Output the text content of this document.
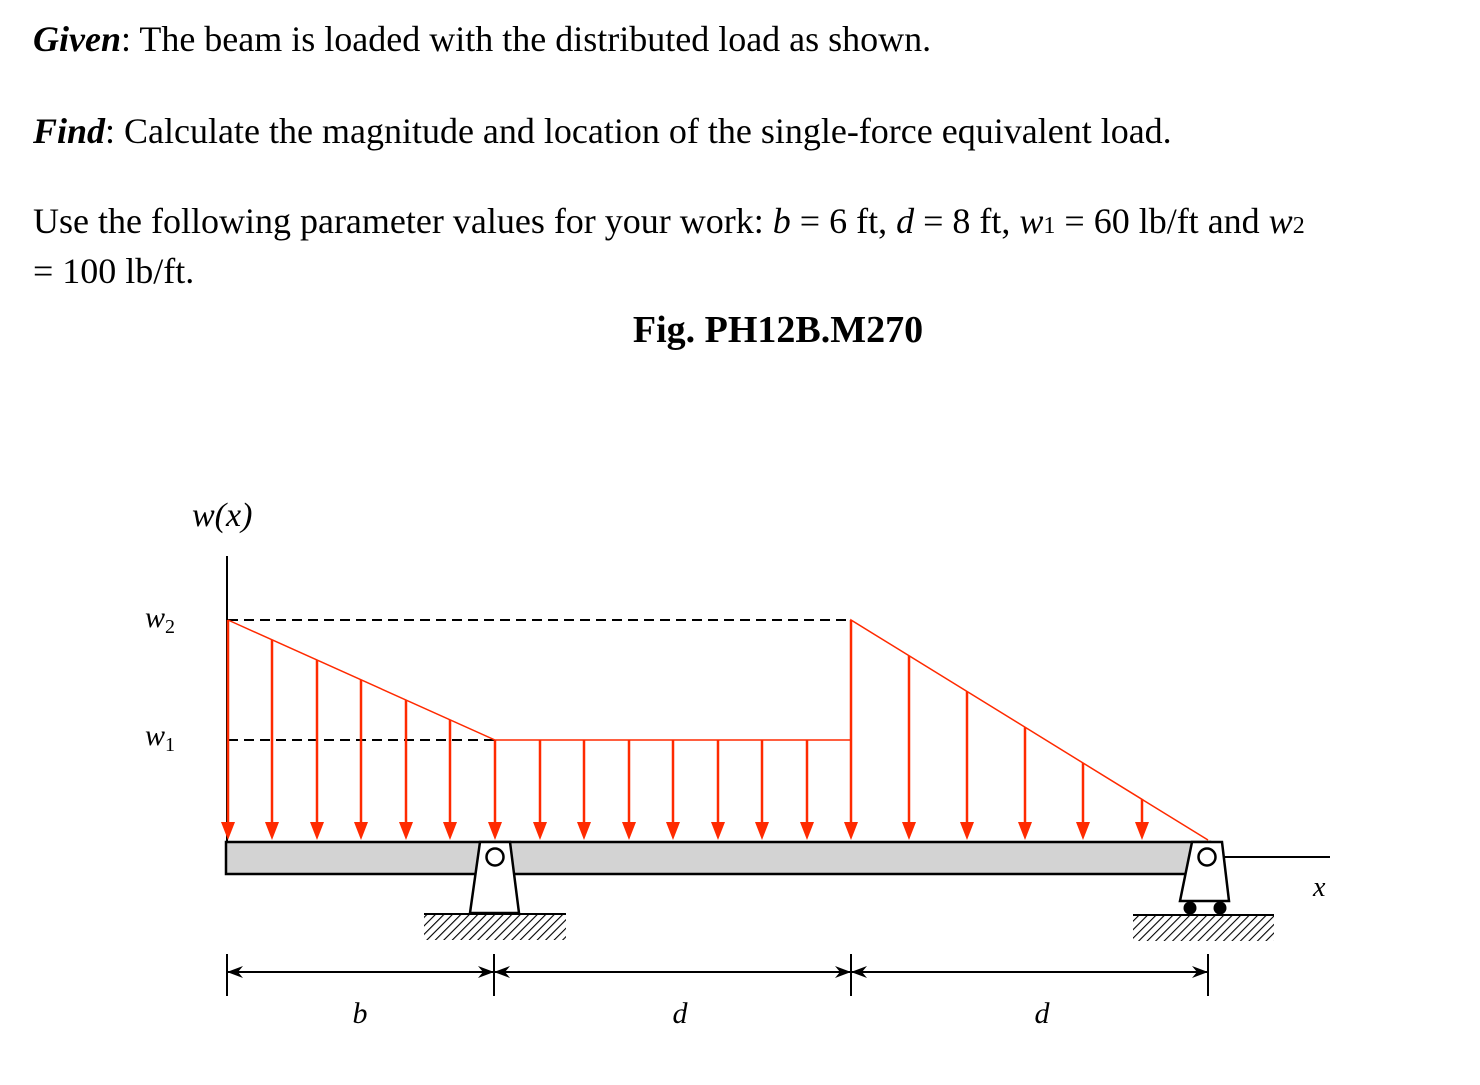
Given: The beam is loaded with the distributed load as shown.
Find: Calculate the magnitude and location of the single-force equivalent load.
Use the following parameter values for your work: b = 6 ft, d = 8 ft, w1 = 60 lb/ft and w2
= 100 lb/ft.
Fig. PH12B.M270
w(x)
x
$w_2$
$w_1$
b	d	d
